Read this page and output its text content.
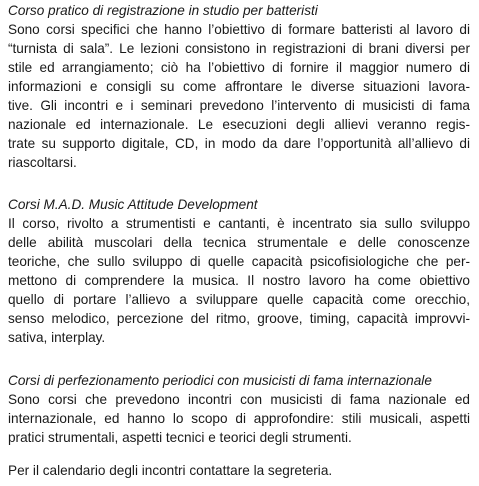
Corso pratico di registrazione in studio per batteristi
Sono corsi specifici che hanno l’obiettivo di formare batteristi al lavoro di
“turnista di sala”. Le lezioni consistono in registrazioni di brani diversi per
stile ed arrangiamento; ciò ha l’obiettivo di fornire il maggior numero di
informazioni e consigli su come affrontare le diverse situazioni lavora-
tive. Gli incontri e i seminari prevedono l’intervento di musicisti di fama
nazionale ed internazionale. Le esecuzioni degli allievi veranno regis-
trate su supporto digitale, CD, in modo da dare l’opportunità all’allievo di
riascoltarsi.
Corsi M.A.D. Music Attitude Development
Il corso, rivolto a strumentisti e cantanti, è incentrato sia sullo sviluppo
delle abilità muscolari della tecnica strumentale e delle conoscenze
teoriche, che sullo sviluppo di quelle capacità psicofisiologiche che per-
mettono di comprendere la musica. Il nostro lavoro ha come obiettivo
quello di portare l’allievo a sviluppare quelle capacità come orecchio,
senso melodico, percezione del ritmo, groove, timing, capacità improvvi-
sativa, interplay.
Corsi di perfezionamento periodici con musicisti di fama internazionale
Sono corsi che prevedono incontri con musicisti di fama nazionale ed
internazionale, ed hanno lo scopo di approfondire: stili musicali, aspetti
pratici strumentali, aspetti tecnici e teorici degli strumenti.
Per il calendario degli incontri contattare la segreteria.
